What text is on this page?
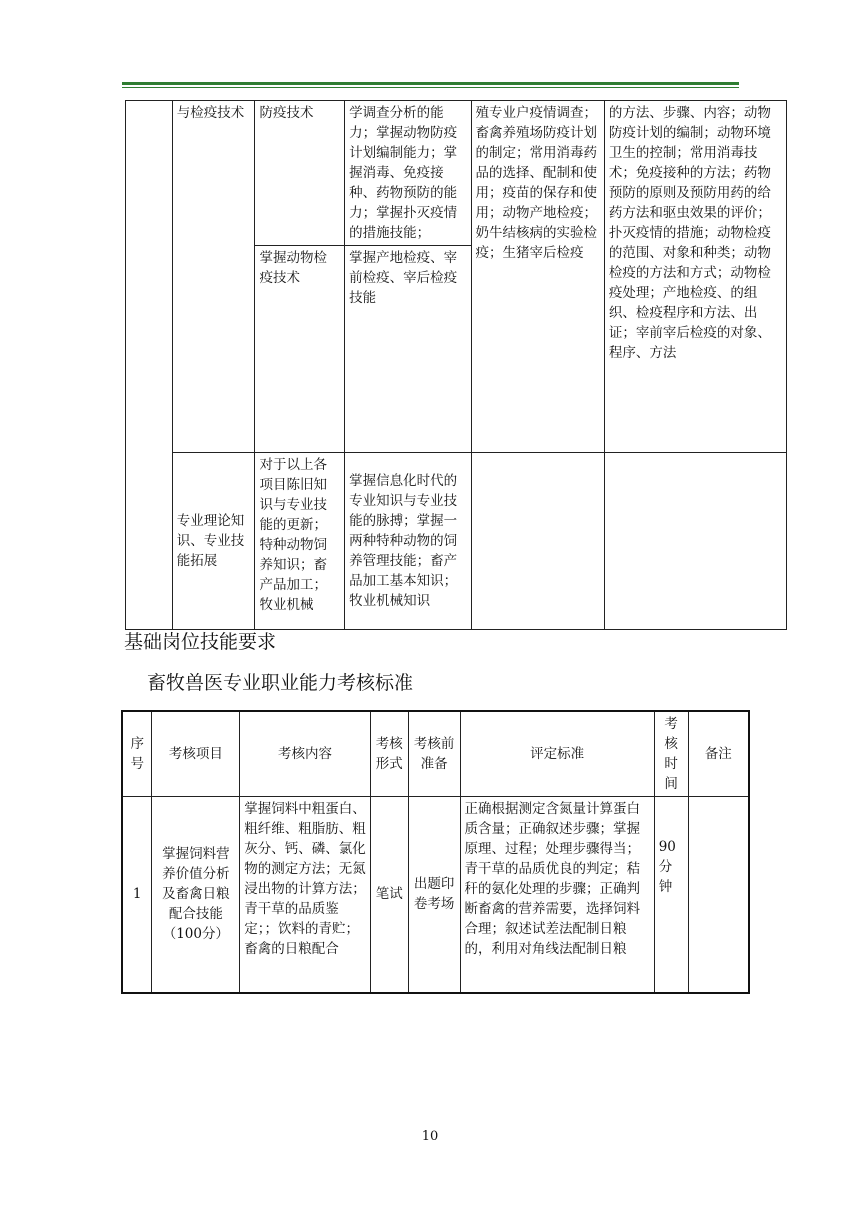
	与检疫技术	防疫技术	学调查分析的能力；掌握动物防疫计划编制能力；掌握消毒、免疫接种、药物预防的能力；掌握扑灭疫情的措施技能；	殖专业户疫情调查；畜禽养殖场防疫计划的制定；常用消毒药品的选择、配制和使用；疫苗的保存和使用；动物产地检疫；奶牛结核病的实验检疫；生猪宰后检疫	的方法、步骤、内容；动物防疫计划的编制；动物环境卫生的控制；常用消毒技术；免疫接种的方法；药物预防的原则及预防用药的给药方法和驱虫效果的评价；扑灭疫情的措施；动物检疫的范围、对象和种类；动物检疫的方法和方式；动物检疫处理；产地检疫、的组织、检疫程序和方法、出证；宰前宰后检疫的对象、程序、方法
		掌握动物检疫技术	掌握产地检疫、宰前检疫、宰后检疫技能		
	专业理论知识、专业技能拓展	对于以上各项目陈旧知识与专业技能的更新；特种动物饲养知识；畜产品加工；牧业机械	掌握信息化时代的专业知识与专业技能的脉搏；掌握一两种特种动物的饲养管理技能；畜产品加工基本知识；牧业机械知识		
基础岗位技能要求
畜牧兽医专业职业能力考核标准
序号	考核项目	考核内容	考核形式	考核前准备	评定标准	考核时间	备注
1	掌握饲料营养价值分析及畜禽日粮配合技能（100分）	掌握饲料中粗蛋白、粗纤维、粗脂肪、粗灰分、钙、磷、氯化物的测定方法；无氮浸出物的计算方法；青干草的品质鉴定；；饮料的青贮；畜禽的日粮配合	笔试	出题印卷考场	正确根据测定含氮量计算蛋白质含量；正确叙述步骤；掌握原理、过程；处理步骤得当；青干草的品质优良的判定；秸秆的氨化处理的步骤；正确判断畜禽的营养需要，选择饲料合理；叙述试差法配制日粮的，利用对角线法配制日粮	90分钟	
10
